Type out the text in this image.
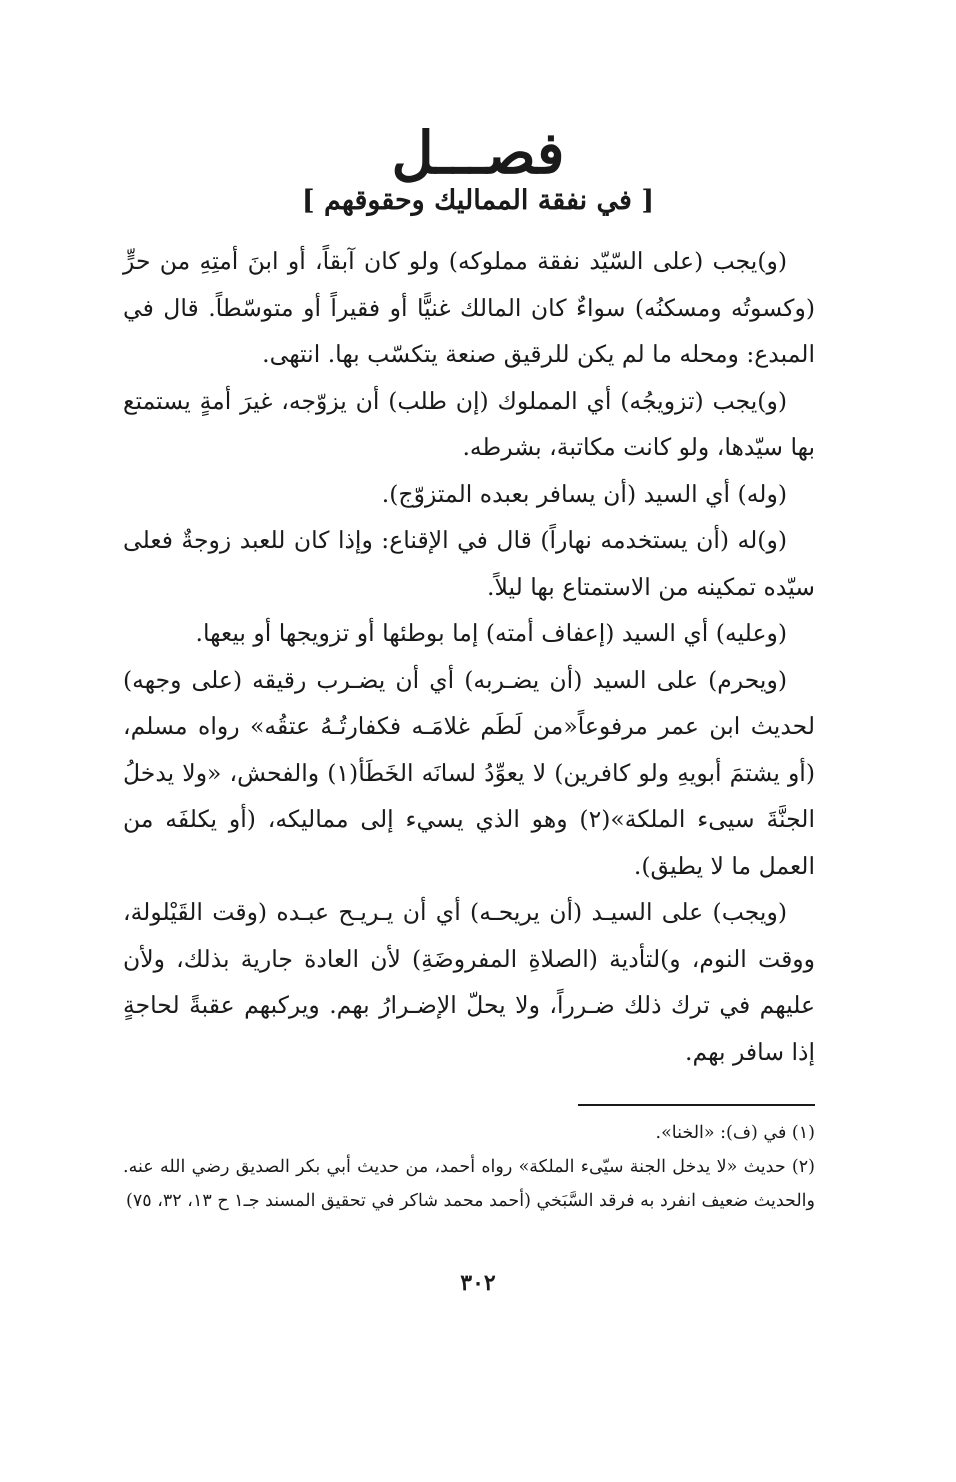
فصـــل
[ في نفقة المماليك وحقوقهم ]

(و)يجب (على السّيّد نفقة مملوكه) ولو كان آبقاً، أو ابنَ أمتِهِ من حرٍّ (وكسوتُه ومسكنُه) سواءٌ كان المالك غنيًّا أو فقيراً أو متوسّطاً. قال في المبدع: ومحله ما لم يكن للرقيق صنعة يتكسّب بها. انتهى.

(و)يجب (تزويجُه) أي المملوك (إن طلب) أن يزوّجه، غيرَ أمةٍ يستمتع بها سيّدها، ولو كانت مكاتبة، بشرطه.

(وله) أي السيد (أن يسافر بعبده المتزوّج).

(و)له (أن يستخدمه نهاراً) قال في الإقناع: وإذا كان للعبد زوجةٌ فعلى سيّده تمكينه من الاستمتاع بها ليلاً.

(وعليه) أي السيد (إعفاف أمته) إما بوطئها أو تزويجها أو بيعها.

(ويحرم) على السيد (أن يضـربه) أي أن يضـرب رقيقه (على وجهه) لحديث ابن عمر مرفوعاً«من لَطَم غلامَـه فكفارتُـهُ عتقُه» رواه مسلم، (أو يشتمَ أبويهِ ولو كافرين) لا يعوِّدُ لسانَه الخَطَأ(١) والفحش، «ولا يدخلُ الجنَّةَ سيىء الملكة»(٢) وهو الذي يسيء إلى مماليكه، (أو يكلفَه من العمل ما لا يطيق).

(ويجب) على السيـد (أن يريحـه) أي أن يـريـح عبـده (وقت القَيْلولة، ووقت النوم، و)لتأدية (الصلاةِ المفروضَةِ) لأن العادة جارية بذلك، ولأن عليهم في ترك ذلك ضـرراً، ولا يحلّ الإضـرارُ بهم. ويركبهم عقبةً لحاجةٍ إذا سافر بهم.

(١) في (ف): «الخنا».

(٢) حديث «لا يدخل الجنة سيّىء الملكة» رواه أحمد، من حديث أبي بكر الصديق رضي الله عنه. والحديث ضعيف انفرد به فرقد السَّبَخي (أحمد محمد شاكر في تحقيق المسند جـ١ ح ١٣، ٣٢، ٧٥)

٣٠٢
